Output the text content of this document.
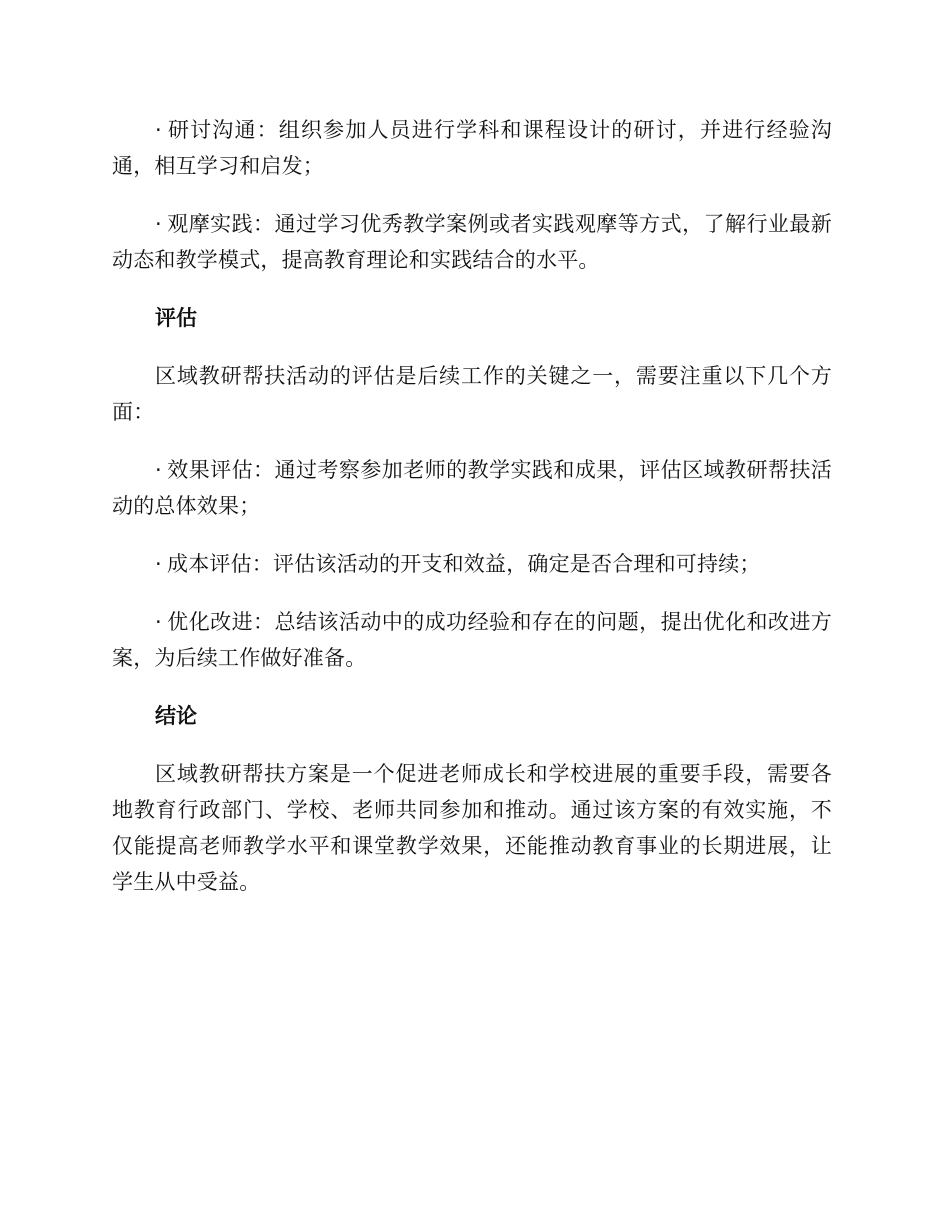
· 研讨沟通：组织参加人员进行学科和课程设计的研讨，并进行经验沟通，相互学习和启发；

· 观摩实践：通过学习优秀教学案例或者实践观摩等方式，了解行业最新动态和教学模式，提高教育理论和实践结合的水平。

评估

区域教研帮扶活动的评估是后续工作的关键之一，需要注重以下几个方面：

· 效果评估：通过考察参加老师的教学实践和成果，评估区域教研帮扶活动的总体效果；

· 成本评估：评估该活动的开支和效益，确定是否合理和可持续；

· 优化改进：总结该活动中的成功经验和存在的问题，提出优化和改进方案，为后续工作做好准备。

结论

区域教研帮扶方案是一个促进老师成长和学校进展的重要手段，需要各地教育行政部门、学校、老师共同参加和推动。通过该方案的有效实施，不仅能提高老师教学水平和课堂教学效果，还能推动教育事业的长期进展，让学生从中受益。
